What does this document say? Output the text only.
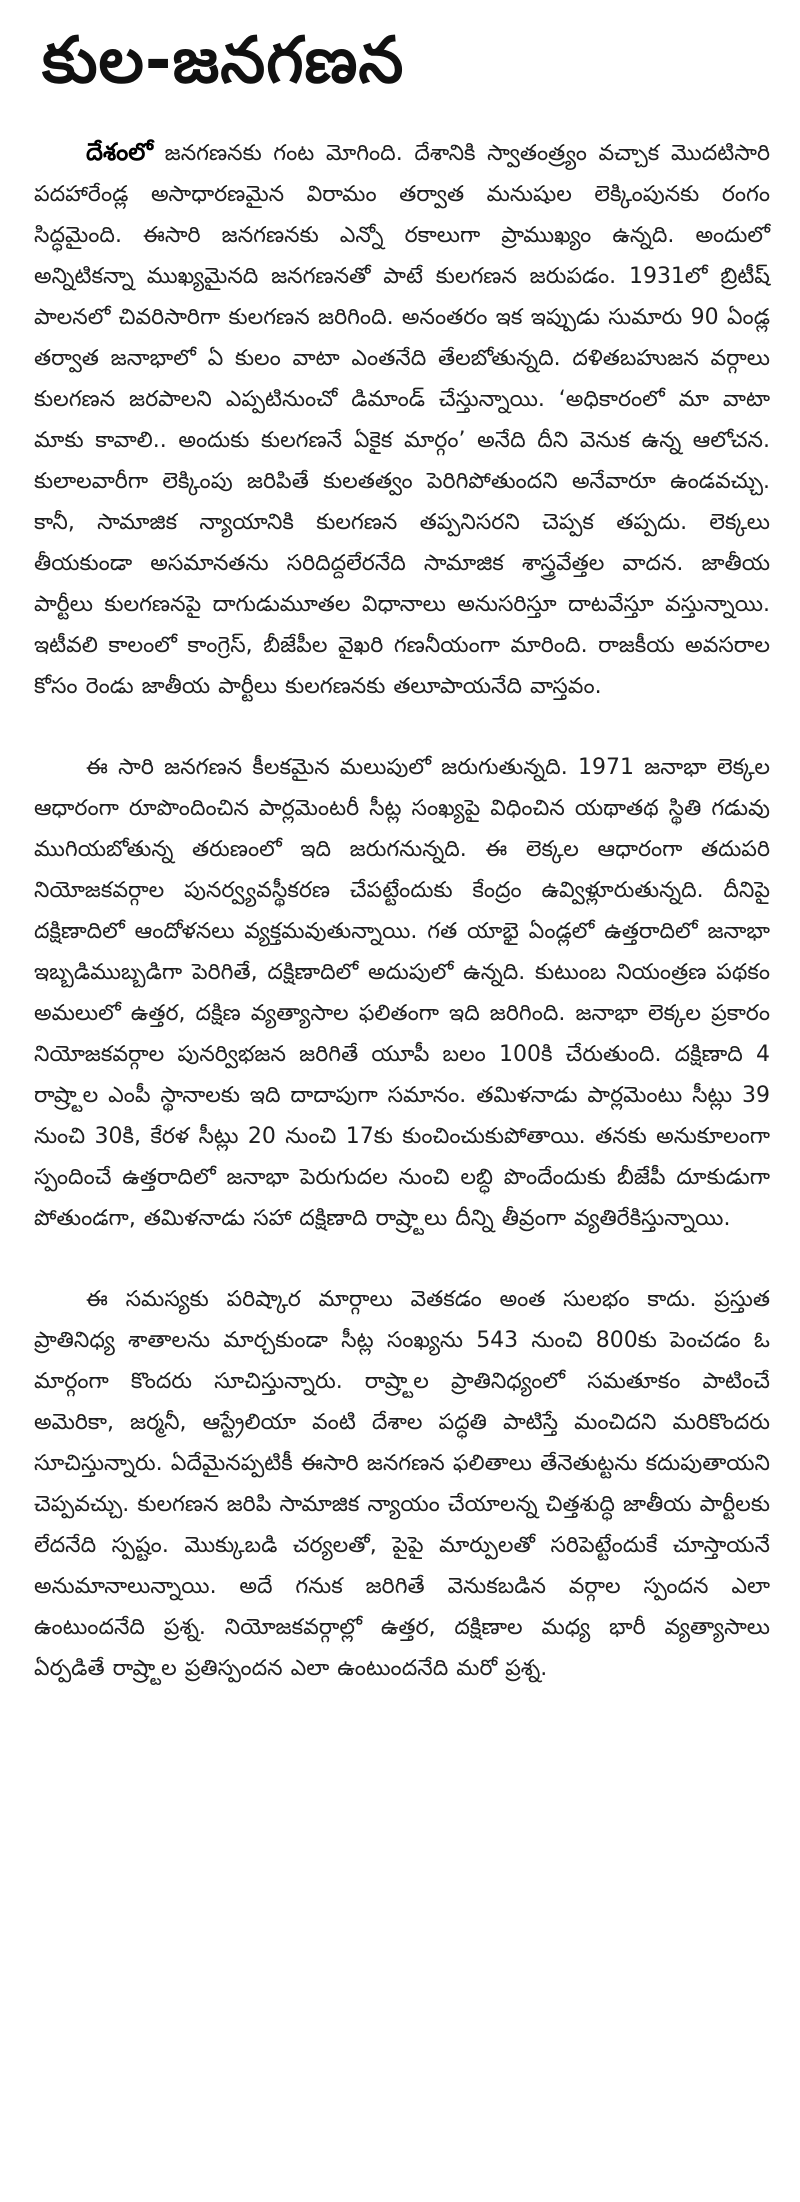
కుల-జనగణన

దేశంలో జనగణనకు గంట మోగింది. దేశానికి స్వాతంత్ర్యం వచ్చాక మొదటిసారి పదహారేండ్ల అసాధారణమైన విరామం తర్వాత మనుషుల లెక్కింపునకు రంగం సిద్ధమైంది. ఈసారి జనగణనకు ఎన్నో రకాలుగా ప్రాముఖ్యం ఉన్నది. అందులో అన్నిటికన్నా ముఖ్యమైనది జనగణనతో పాటే కులగణన జరుపడం. 1931లో బ్రిటీష్ పాలనలో చివరిసారిగా కులగణన జరిగింది. అనంతరం ఇక ఇప్పుడు సుమారు 90 ఏండ్ల తర్వాత జనాభాలో ఏ కులం వాటా ఎంతనేది తేలబోతున్నది. దళితబహుజన వర్గాలు కులగణన జరపాలని ఎప్పటినుంచో డిమాండ్ చేస్తున్నాయి. ‘అధికారంలో మా వాటా మాకు కావాలి.. అందుకు కులగణనే ఏకైక మార్గం’ అనేది దీని వెనుక ఉన్న ఆలోచన. కులాలవారీగా లెక్కింపు జరిపితే కులతత్వం పెరిగిపోతుందని అనేవారూ ఉండవచ్చు. కానీ, సామాజిక న్యాయానికి కులగణన తప్పనిసరని చెప్పక తప్పదు. లెక్కలు తీయకుండా అసమానతను సరిదిద్దలేరనేది సామాజిక శాస్త్రవేత్తల వాదన. జాతీయ పార్టీలు కులగణనపై దాగుడుమూతల విధానాలు అనుసరిస్తూ దాటవేస్తూ వస్తున్నాయి. ఇటీవలి కాలంలో కాంగ్రెస్, బీజేపీల వైఖరి గణనీయంగా మారింది. రాజకీయ అవసరాల కోసం రెండు జాతీయ పార్టీలు కులగణనకు తలూపాయనేది వాస్తవం.

ఈ సారి జనగణన కీలకమైన మలుపులో జరుగుతున్నది. 1971 జనాభా లెక్కల ఆధారంగా రూపొందించిన పార్లమెంటరీ సీట్ల సంఖ్యపై విధించిన యథాతథ స్థితి గడువు ముగియబోతున్న తరుణంలో ఇది జరుగనున్నది. ఈ లెక్కల ఆధారంగా తదుపరి నియోజకవర్గాల పునర్వ్యవస్థీకరణ చేపట్టేందుకు కేంద్రం ఉవ్విళ్లూరుతున్నది. దీనిపై దక్షిణాదిలో ఆందోళనలు వ్యక్తమవుతున్నాయి. గత యాభై ఏండ్లలో ఉత్తరాదిలో జనాభా ఇబ్బడిముబ్బడిగా పెరిగితే, దక్షిణాదిలో అదుపులో ఉన్నది. కుటుంబ నియంత్రణ పథకం అమలులో ఉత్తర, దక్షిణ వ్యత్యాసాల ఫలితంగా ఇది జరిగింది. జనాభా లెక్కల ప్రకారం నియోజకవర్గాల పునర్విభజన జరిగితే యూపీ బలం 100కి చేరుతుంది. దక్షిణాది 4 రాష్ర్టాల ఎంపీ స్థానాలకు ఇది దాదాపుగా సమానం. తమిళనాడు పార్లమెంటు సీట్లు 39 నుంచి 30కి, కేరళ సీట్లు 20 నుంచి 17కు కుంచించుకుపోతాయి. తనకు అనుకూలంగా స్పందించే ఉత్తరాదిలో జనాభా పెరుగుదల నుంచి లబ్ధి పొందేందుకు బీజేపీ దూకుడుగా పోతుండగా, తమిళనాడు సహా దక్షిణాది రాష్ర్టాలు దీన్ని తీవ్రంగా వ్యతిరేకిస్తున్నాయి.

ఈ సమస్యకు పరిష్కార మార్గాలు వెతకడం అంత సులభం కాదు. ప్రస్తుత ప్రాతినిధ్య శాతాలను మార్చకుండా సీట్ల సంఖ్యను 543 నుంచి 800కు పెంచడం ఓ మార్గంగా కొందరు సూచిస్తున్నారు. రాష్ర్టాల ప్రాతినిధ్యంలో సమతూకం పాటించే అమెరికా, జర్మనీ, ఆస్ట్రేలియా వంటి దేశాల పద్ధతి పాటిస్తే మంచిదని మరికొందరు సూచిస్తున్నారు. ఏదేమైనప్పటికీ ఈసారి జనగణన ఫలితాలు తేనెతుట్టను కదుపుతాయని చెప్పవచ్చు. కులగణన జరిపి సామాజిక న్యాయం చేయాలన్న చిత్తశుద్ధి జాతీయ పార్టీలకు లేదనేది స్పష్టం. మొక్కుబడి చర్యలతో, పైపై మార్పులతో సరిపెట్టేందుకే చూస్తాయనే అనుమానాలున్నాయి. అదే గనుక జరిగితే వెనుకబడిన వర్గాల స్పందన ఎలా ఉంటుందనేది ప్రశ్న. నియోజకవర్గాల్లో ఉత్తర, దక్షిణాల మధ్య భారీ వ్యత్యాసాలు ఏర్పడితే రాష్ర్టాల ప్రతిస్పందన ఎలా ఉంటుందనేది మరో ప్రశ్న.
